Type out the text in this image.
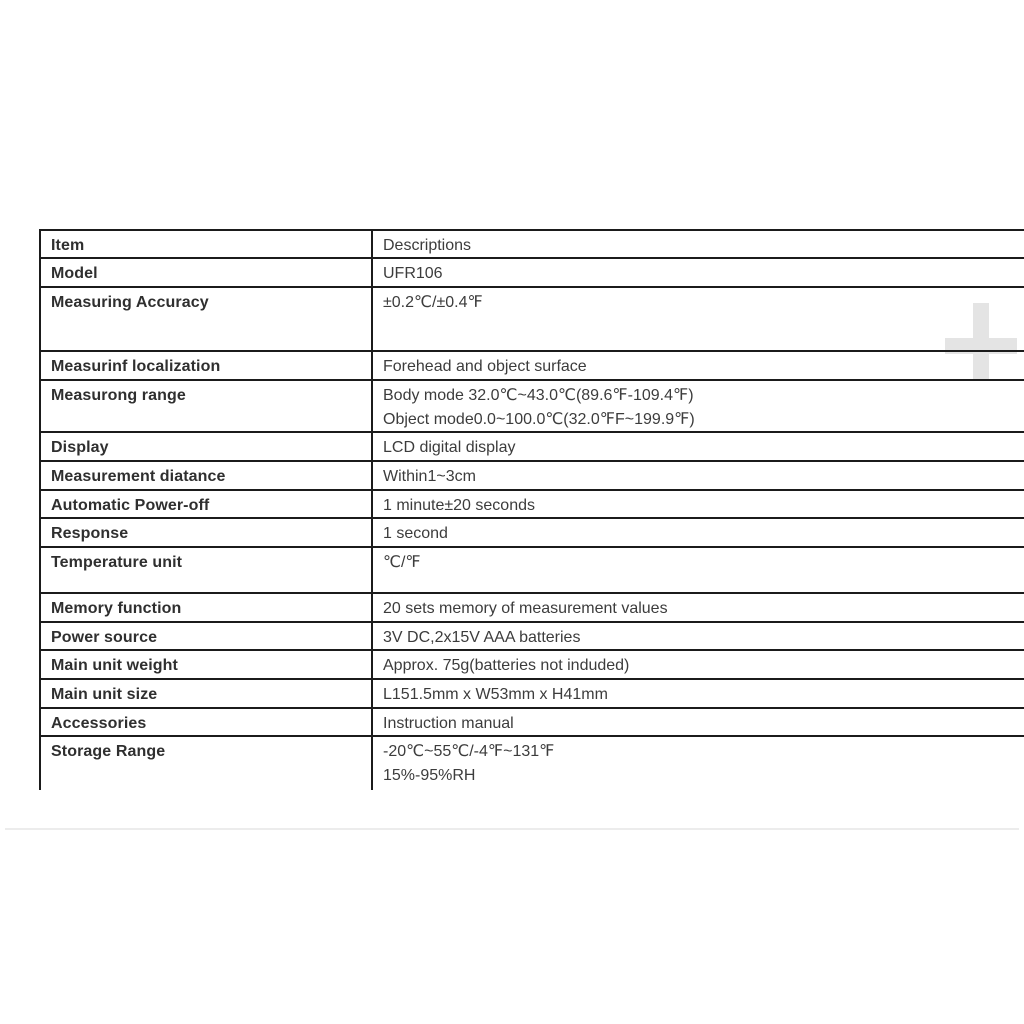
Item	Descriptions
Model	UFR106
Measuring Accuracy	±0.2℃/±0.4℉
Measurinf localization	Forehead and object surface
Measurong range	Body mode 32.0℃~43.0℃(89.6℉-109.4℉)
Object mode0.0~100.0℃(32.0℉F~199.9℉)
Display	LCD digital display
Measurement diatance	Within1~3cm
Automatic Power-off	1 minute±20 seconds
Response	1 second
Temperature unit	℃/℉
Memory function	20 sets memory of measurement values
Power source	3V DC,2x15V AAA batteries
Main unit weight	Approx. 75g(batteries not induded)
Main unit size	L151.5mm x W53mm x H41mm
Accessories	Instruction manual
Storage Range	-20℃~55℃/-4℉~131℉
15%-95%RH
